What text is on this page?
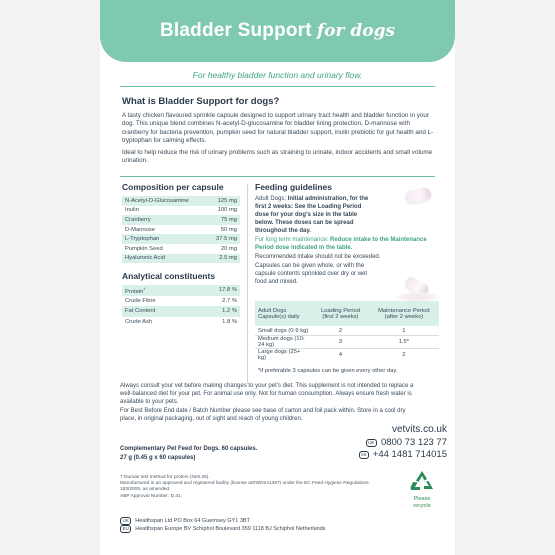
Bladder Support for dogs
For healthy bladder function and urinary flow.
What is Bladder Support for dogs?

A tasty chicken flavoured sprinkle capsule designed to support urinary tract health and bladder function in your dog. This unique blend combines N-acetyl-D-glucosamine for bladder lining protection, D-mannose with cranberry for bacteria prevention, pumpkin seed for natural bladder support, inulin prebiotic for gut health and L-tryptophan for calming effects.

Ideal to help reduce the risk of urinary problems such as straining to urinate, indoor accidents and small volume urination.

Composition per capsule
N-Acetyl-D-Glucosamine	125 mg
Inulin	100 mg
Cranberry	75 mg
D-Mannose	50 mg
L-Tryptophan	37.5 mg
Pumpkin Seed	20 mg
Hyaluronic Acid	2.5 mg
Analytical constituents
Protein†	17.8 %
Crude Fibre	2.7 %
Fat Content	1.2 %
Crude Ash	1.8 %
Feeding guidelines

Adult Dogs: Initial administration, for the first 2 weeks: See the Loading Period dose for your dog’s size in the table below. These doses can be spread throughout the day.

For long term maintenance: Reduce intake to the Maintenance Period dose indicated in the table.

Recommended intake should not be exceeded.

Capsules can be given whole, or with the capsule contents sprinkled over dry or wet food and mixed.

Adult Dogs Capsule(s) daily	Loading Period (first 2 weeks)	Maintenance Period (after 2 weeks)
Small dogs (0-9 kg)	2	1
Medium dogs (10-24 kg)	3	1.5*
Large dogs (25+ kg)	4	2
*if preferable 3 capsules can be given every other day.

Always consult your vet before making changes to your pet’s diet. This supplement is not intended to replace a well-balanced diet for your pet. For animal use only. Not for human consumption. Always ensure fresh water is available to your pets.

For Best Before End date / Batch Number please see base of carton and foil pack within. Store in a cool dry place, in original packaging, out of sight and reach of young children.

Complementary Pet Feed for Dogs. 60 capsules.

27 g (0.45 g x 60 capsules)

vetvits.co.uk
UK 0800 73 123 77
Int +44 1481 714015

† Dumas test method for protein (Nx6.25).

Manufactured in an approved and registered facility (license αIEWD241387) under the EC Feed Hygiene Regulations 183/2005, as amended.

ABP Approval Number: D.41.	Please
recycle
UK	Healthspan Ltd PO Box 64 Guernsey GY1 3BT
EU	Healthspan Europe BV Schiphol Boulevard 359 1118 BJ Schiphol Netherlands
